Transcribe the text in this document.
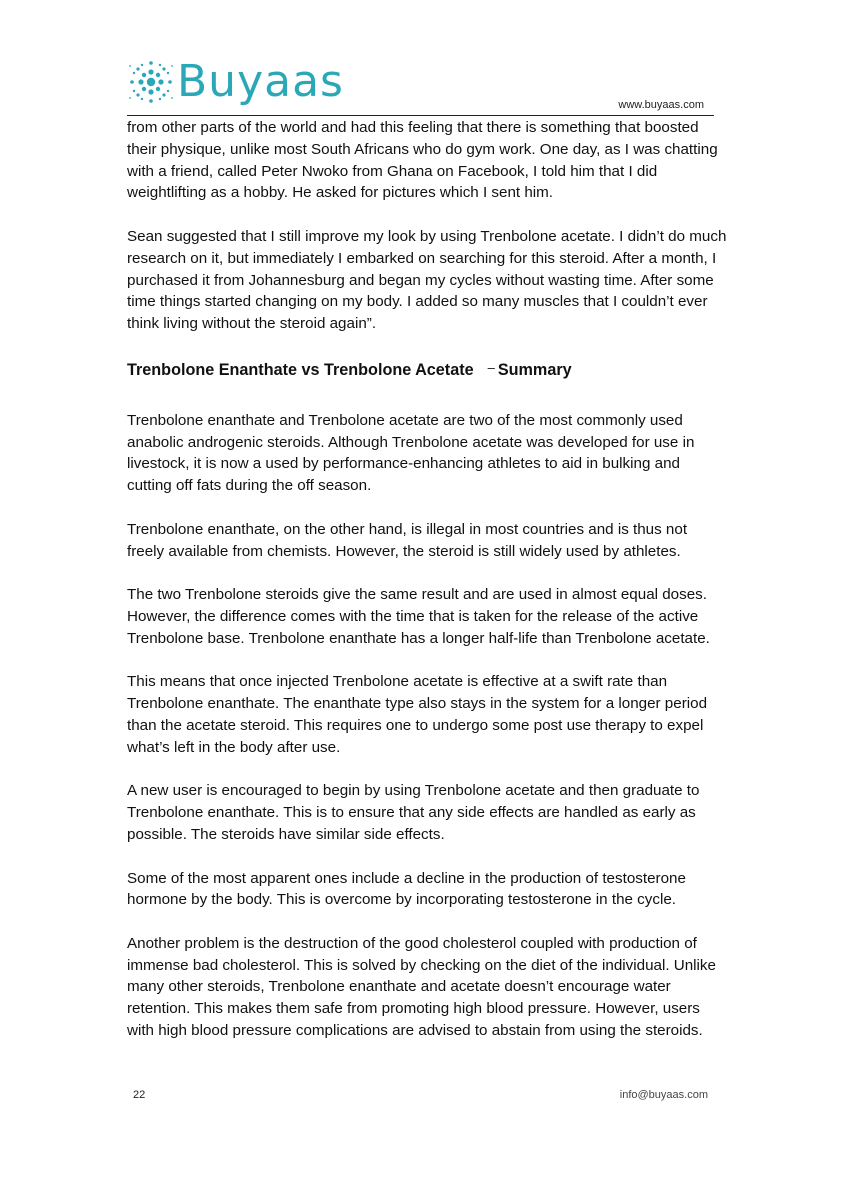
Buyaas	www.buyaas.com

from other parts of the world and had this feeling that there is something that boosted their physique, unlike most South Africans who do gym work. One day, as I was chatting with a friend, called Peter Nwoko from Ghana on Facebook, I told him that I did weightlifting as a hobby. He asked for pictures which I sent him.

Sean suggested that I still improve my look by using Trenbolone acetate. I didn’t do much research on it, but immediately I embarked on searching for this steroid. After a month, I purchased it from Johannesburg and began my cycles without wasting time. After some time things started changing on my body. I added so many muscles that I couldn’t ever think living without the steroid again”.

Trenbolone Enanthate vs Trenbolone Acetate – Summary

Trenbolone enanthate and Trenbolone acetate are two of the most commonly used anabolic androgenic steroids. Although Trenbolone acetate was developed for use in livestock, it is now a used by performance-enhancing athletes to aid in bulking and cutting off fats during the off season.

Trenbolone enanthate, on the other hand, is illegal in most countries and is thus not freely available from chemists. However, the steroid is still widely used by athletes.

The two Trenbolone steroids give the same result and are used in almost equal doses. However, the difference comes with the time that is taken for the release of the active Trenbolone base. Trenbolone enanthate has a longer half-life than Trenbolone acetate.

This means that once injected Trenbolone acetate is effective at a swift rate than Trenbolone enanthate. The enanthate type also stays in the system for a longer period than the acetate steroid. This requires one to undergo some post use therapy to expel what’s left in the body after use.

A new user is encouraged to begin by using Trenbolone acetate and then graduate to Trenbolone enanthate. This is to ensure that any side effects are handled as early as possible. The steroids have similar side effects.

Some of the most apparent ones include a decline in the production of testosterone hormone by the body. This is overcome by incorporating testosterone in the cycle.

Another problem is the destruction of the good cholesterol coupled with production of immense bad cholesterol. This is solved by checking on the diet of the individual. Unlike many other steroids, Trenbolone enanthate and acetate doesn’t encourage water retention. This makes them safe from promoting high blood pressure. However, users with high blood pressure complications are advised to abstain from using the steroids.

22	info@buyaas.com
